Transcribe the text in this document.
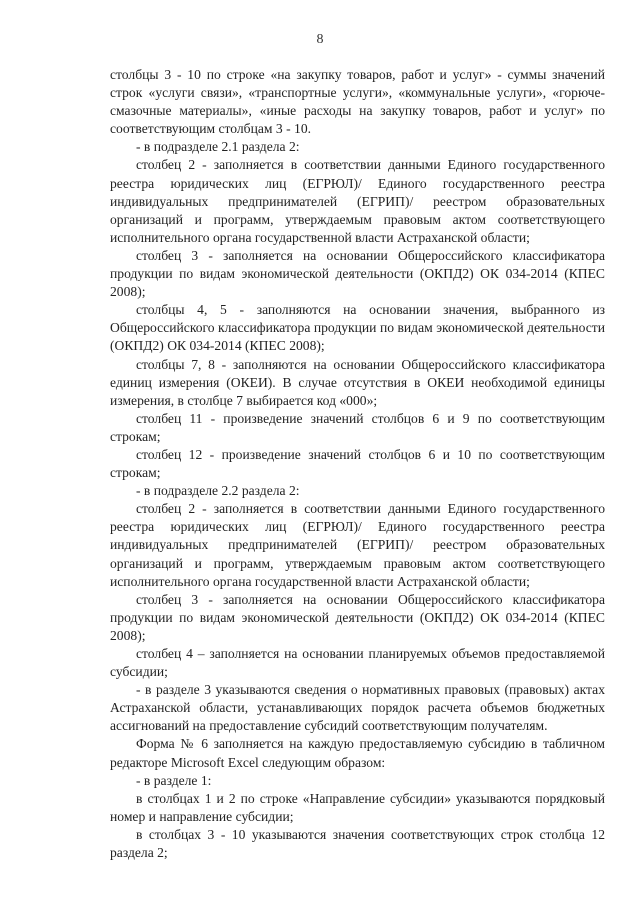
8

столбцы 3 - 10 по строке «на закупку товаров, работ и услуг» - суммы значений строк «услуги связи», «транспортные услуги», «коммунальные услуги», «горюче-смазочные материалы», «иные расходы на закупку товаров, работ и услуг» по соответствующим столбцам 3 - 10.

- в подразделе 2.1 раздела 2:

столбец 2 - заполняется в соответствии данными Единого государственного реестра юридических лиц (ЕГРЮЛ)/ Единого государственного реестра индивидуальных предпринимателей (ЕГРИП)/ реестром образовательных организаций и программ, утверждаемым правовым актом соответствующего исполнительного органа государственной власти Астраханской области;

столбец 3 - заполняется на основании Общероссийского классификатора продукции по видам экономической деятельности (ОКПД2) ОК 034-2014 (КПЕС 2008);

столбцы 4, 5 - заполняются на основании значения, выбранного из Общероссийского классификатора продукции по видам экономической деятельности (ОКПД2) ОК 034-2014 (КПЕС 2008);

столбцы 7, 8 - заполняются на основании Общероссийского классификатора единиц измерения (ОКЕИ). В случае отсутствия в ОКЕИ необходимой единицы измерения, в столбце 7 выбирается код «000»;

столбец 11 - произведение значений столбцов 6 и 9 по соответствующим строкам;

столбец 12 - произведение значений столбцов 6 и 10 по соответствующим строкам;

- в подразделе 2.2 раздела 2:

столбец 2 - заполняется в соответствии данными Единого государственного реестра юридических лиц (ЕГРЮЛ)/ Единого государственного реестра индивидуальных предпринимателей (ЕГРИП)/ реестром образовательных организаций и программ, утверждаемым правовым актом соответствующего исполнительного органа государственной власти Астраханской области;

столбец 3 - заполняется на основании Общероссийского классификатора продукции по видам экономической деятельности (ОКПД2) ОК 034-2014 (КПЕС 2008);

столбец 4 – заполняется на основании планируемых объемов предоставляемой субсидии;

- в разделе 3 указываются сведения о нормативных правовых (правовых) актах Астраханской области, устанавливающих порядок расчета объемов бюджетных ассигнований на предоставление субсидий соответствующим получателям.

Форма № 6 заполняется на каждую предоставляемую субсидию в табличном редакторе Microsoft Excel следующим образом:

- в разделе 1:

в столбцах 1 и 2 по строке «Направление субсидии» указываются порядковый номер и направление субсидии;

в столбцах 3 - 10 указываются значения соответствующих строк столбца 12 раздела 2;
